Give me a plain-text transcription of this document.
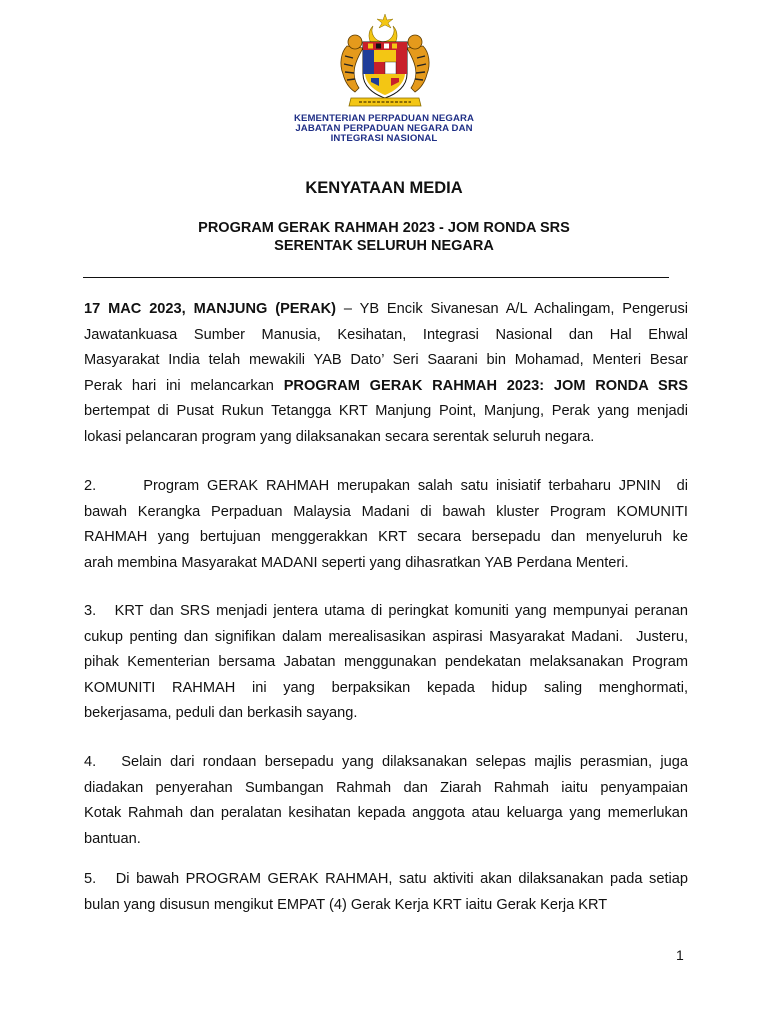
KEMENTERIAN PERPADUAN NEGARA
JABATAN PERPADUAN NEGARA DAN
INTEGRASI NASIONAL
KENYATAAN MEDIA
PROGRAM GERAK RAHMAH 2023 - JOM RONDA SRS
SERENTAK SELURUH NEGARA
17 MAC 2023, MANJUNG (PERAK) – YB Encik Sivanesan A/L Achalingam, Pengerusi
Jawatankuasa Sumber Manusia, Kesihatan, Integrasi Nasional dan Hal Ehwal
Masyarakat India telah mewakili YAB Dato’ Seri Saarani bin Mohamad, Menteri Besar
Perak hari ini melancarkan PROGRAM GERAK RAHMAH 2023: JOM RONDA SRS
bertempat di Pusat Rukun Tetangga KRT Manjung Point, Manjung, Perak yang menjadi
lokasi pelancaran program yang dilaksanakan secara serentak seluruh negara.
2.      Program GERAK RAHMAH merupakan salah satu inisiatif terbaharu JPNIN  di
bawah Kerangka Perpaduan Malaysia Madani di bawah kluster Program KOMUNITI
RAHMAH yang bertujuan menggerakkan KRT secara bersepadu dan menyeluruh ke
arah membina Masyarakat MADANI seperti yang dihasratkan YAB Perdana Menteri.
3.   KRT dan SRS menjadi jentera utama di peringkat komuniti yang mempunyai peranan
cukup penting dan signifikan dalam merealisasikan aspirasi Masyarakat Madani.  Justeru,
pihak Kementerian bersama Jabatan menggunakan pendekatan melaksanakan Program
KOMUNITI RAHMAH ini yang berpaksikan kepada hidup saling menghormati,
bekerjasama, peduli dan berkasih sayang.
4.   Selain dari rondaan bersepadu yang dilaksanakan selepas majlis perasmian, juga
diadakan penyerahan Sumbangan Rahmah dan Ziarah Rahmah iaitu penyampaian
Kotak Rahmah dan peralatan kesihatan kepada anggota atau keluarga yang memerlukan
bantuan.
5.   Di bawah PROGRAM GERAK RAHMAH, satu aktiviti akan dilaksanakan pada setiap
bulan yang disusun mengikut EMPAT (4) Gerak Kerja KRT iaitu Gerak Kerja KRT
1
